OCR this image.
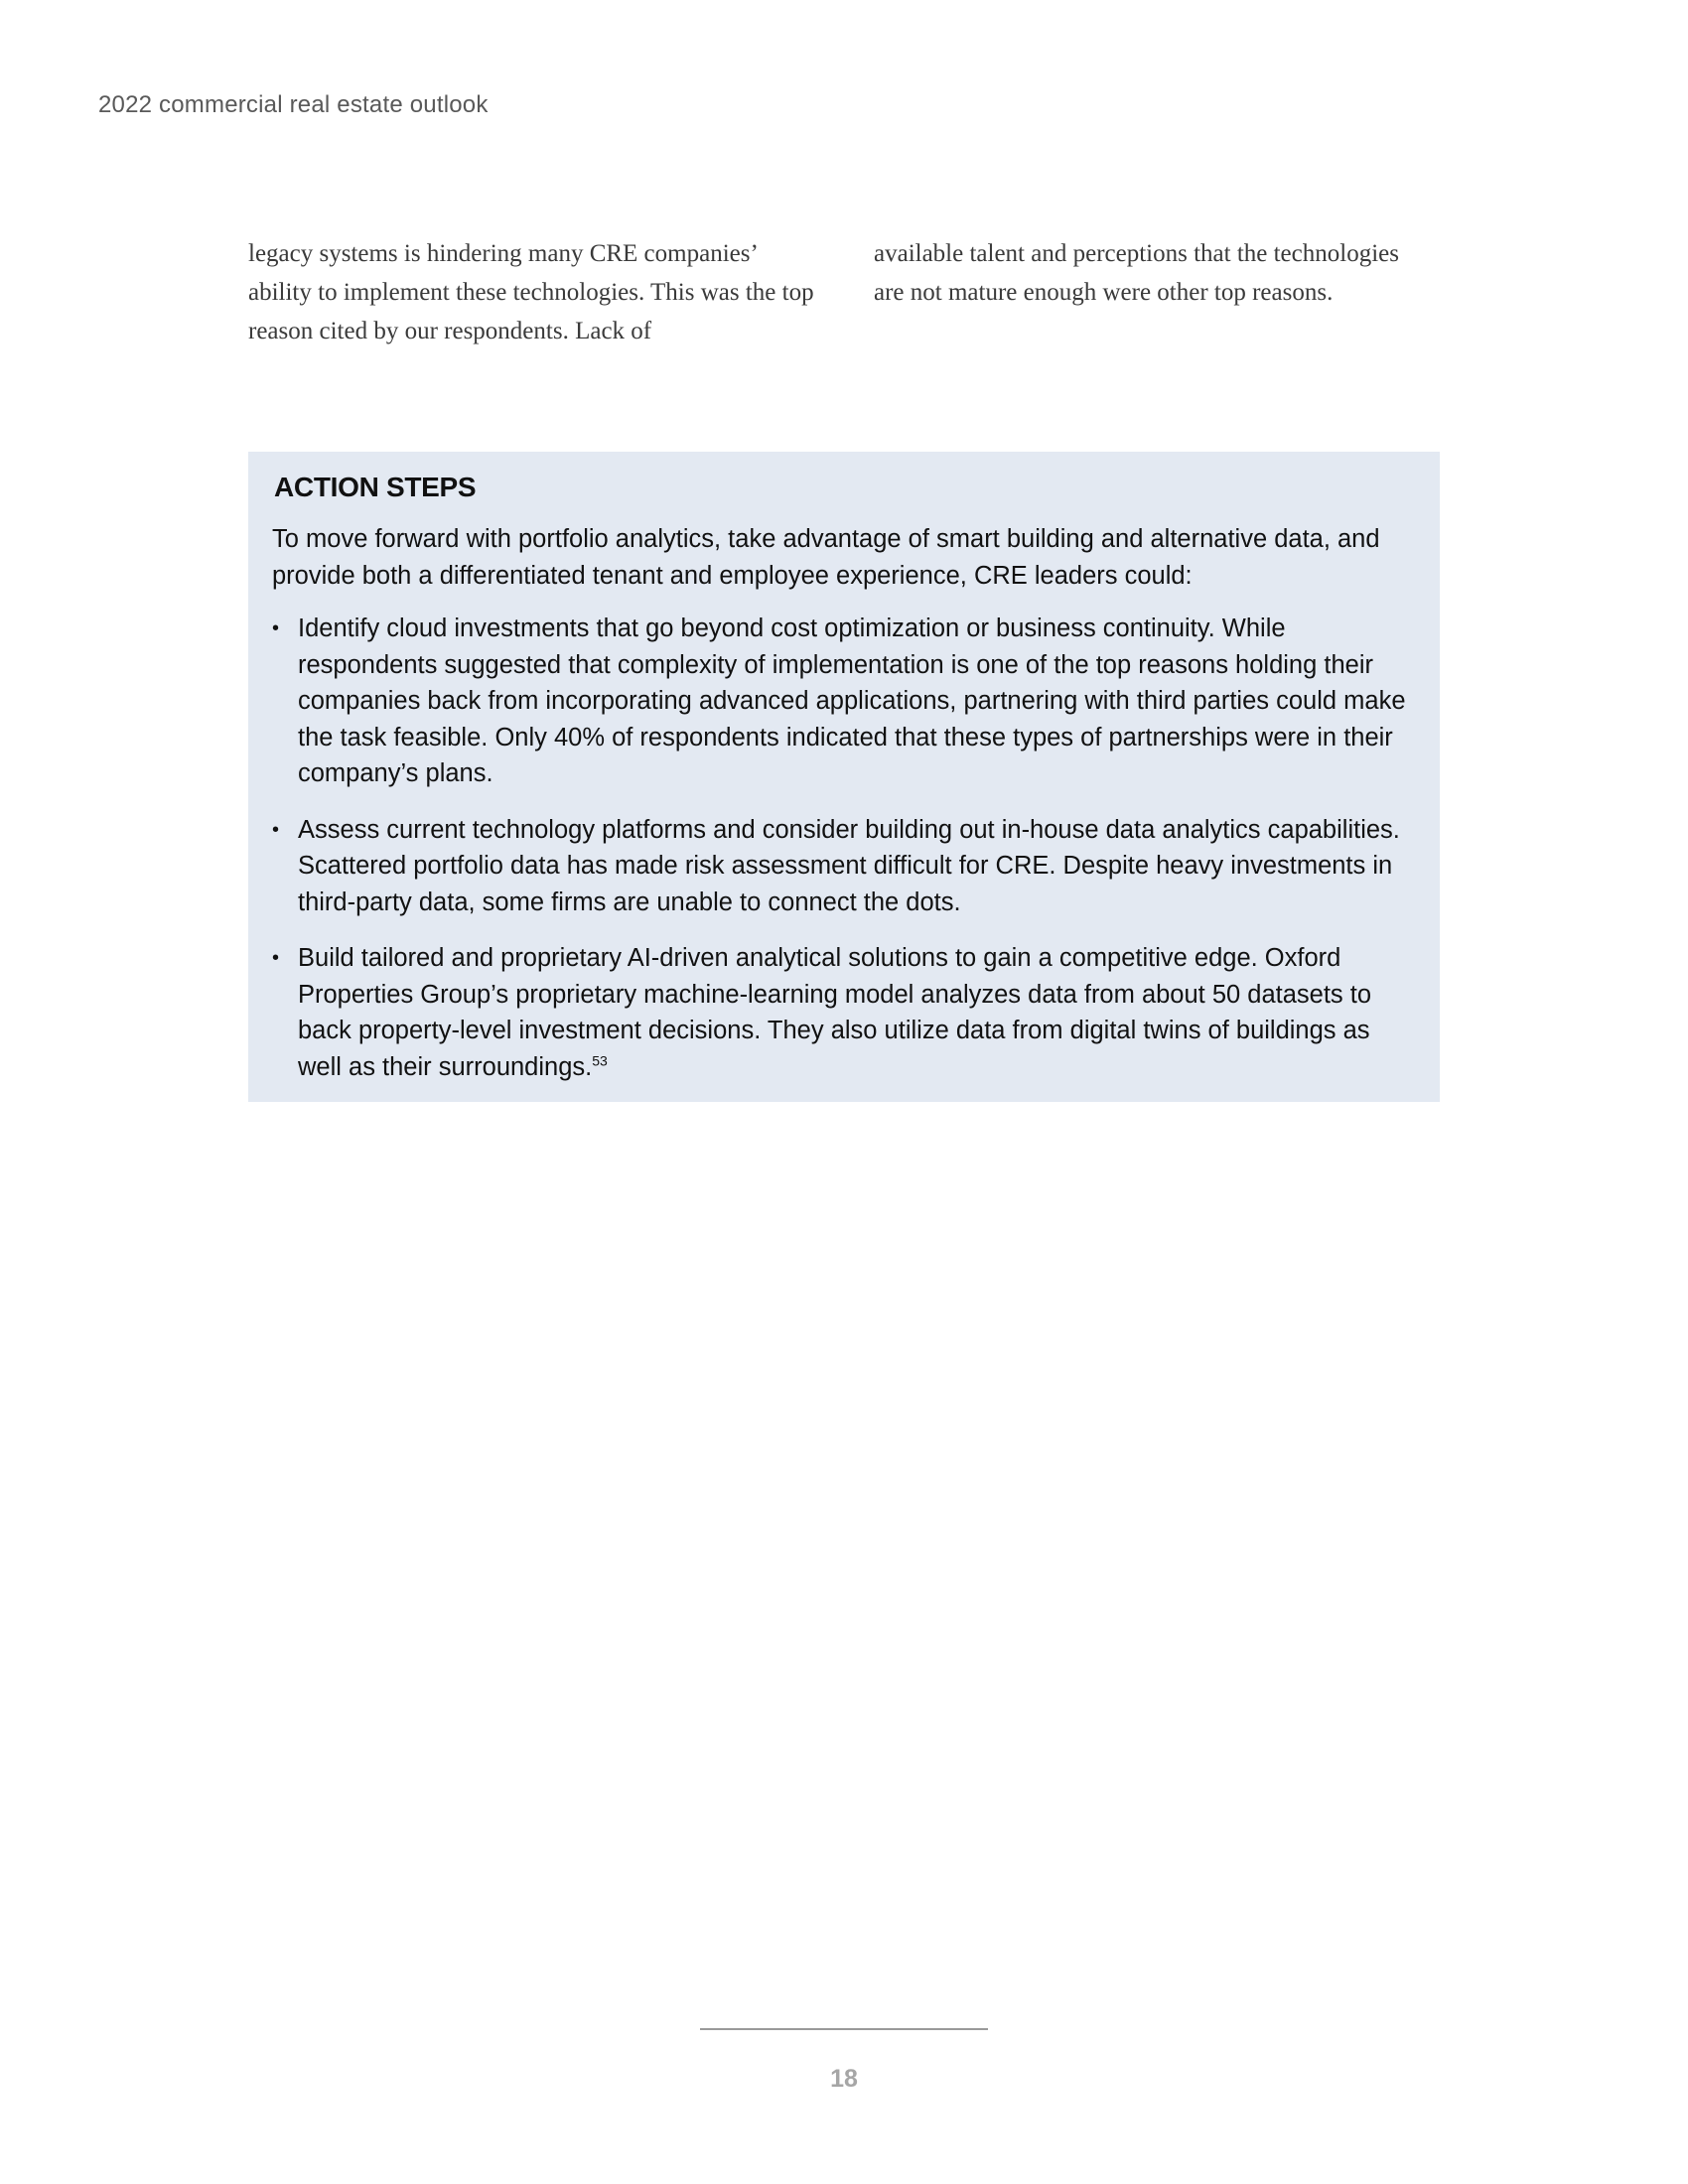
2022 commercial real estate outlook

legacy systems is hindering many CRE companies’ ability to implement these technologies. This was the top reason cited by our respondents. Lack of

available talent and perceptions that the technologies are not mature enough were other top reasons.

ACTION STEPS

To move forward with portfolio analytics, take advantage of smart building and alternative data, and provide both a differentiated tenant and employee experience, CRE leaders could:

• Identify cloud investments that go beyond cost optimization or business continuity. While respondents suggested that complexity of implementation is one of the top reasons holding their companies back from incorporating advanced applications, partnering with third parties could make the task feasible. Only 40% of respondents indicated that these types of partnerships were in their company’s plans.
• Assess current technology platforms and consider building out in-house data analytics capabilities. Scattered portfolio data has made risk assessment difficult for CRE. Despite heavy investments in third-party data, some firms are unable to connect the dots.
• Build tailored and proprietary AI-driven analytical solutions to gain a competitive edge. Oxford Properties Group’s proprietary machine-learning model analyzes data from about 50 datasets to back property-level investment decisions. They also utilize data from digital twins of buildings as well as their surroundings.$^{53}$
18
